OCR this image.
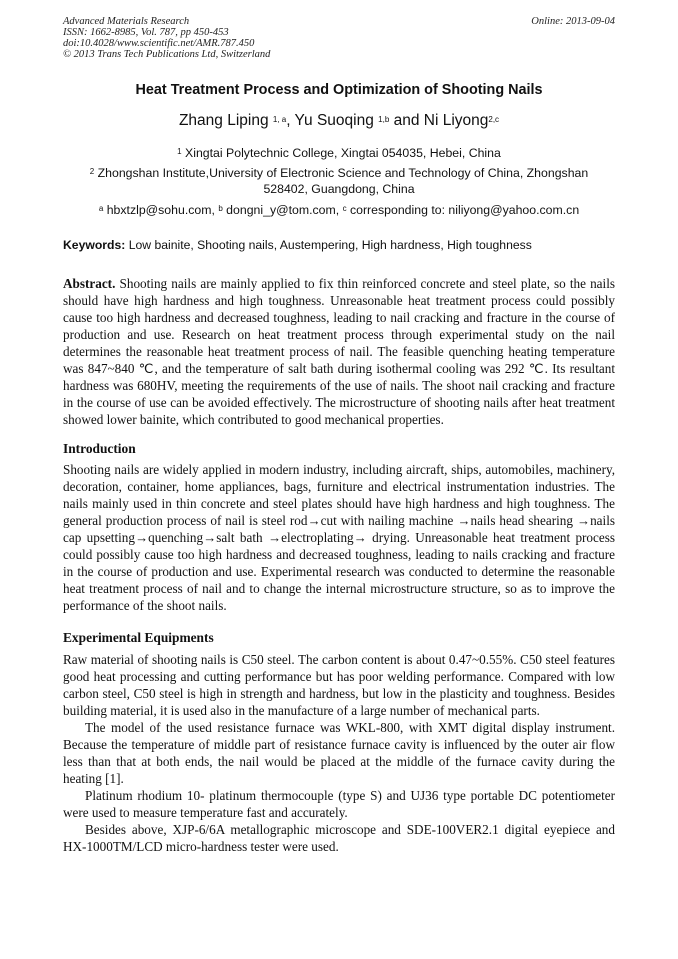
Advanced Materials Research
ISSN: 1662-8985, Vol. 787, pp 450-453
doi:10.4028/www.scientific.net/AMR.787.450
© 2013 Trans Tech Publications Ltd, Switzerland
Online: 2013-09-04
Heat Treatment Process and Optimization of Shooting Nails
Zhang Liping $^{1, a}$, Yu Suoqing $^{1,b}$ and Ni Liyong$^{2,c}$
$^1$ Xingtai Polytechnic College, Xingtai 054035, Hebei, China
$^2$ Zhongshan Institute,University of Electronic Science and Technology of China, Zhongshan
528402, Guangdong, China
$^a$ hbxtzlp@sohu.com, $^b$ dongni_y@tom.com, $^c$ corresponding to: niliyong@yahoo.com.cn
Keywords: Low bainite, Shooting nails, Austempering, High hardness, High toughness
Abstract. Shooting nails are mainly applied to fix thin reinforced concrete and steel plate, so the nails should have high hardness and high toughness. Unreasonable heat treatment process could possibly cause too high hardness and decreased toughness, leading to nail cracking and fracture in the course of production and use. Research on heat treatment process through experimental study on the nail determines the reasonable heat treatment process of nail. The feasible quenching heating temperature was 847~840 ℃, and the temperature of salt bath during isothermal cooling was 292 ℃. Its resultant hardness was 680HV, meeting the requirements of the use of nails. The shoot nail cracking and fracture in the course of use can be avoided effectively. The microstructure of shooting nails after heat treatment showed lower bainite, which contributed to good mechanical properties.
Introduction
Shooting nails are widely applied in modern industry, including aircraft, ships, automobiles, machinery, decoration, container, home appliances, bags, furniture and electrical instrumentation industries. The nails mainly used in thin concrete and steel plates should have high hardness and high toughness. The general production process of nail is steel rod→cut with nailing machine →nails head shearing →nails cap upsetting→quenching→salt bath →electroplating→ drying. Unreasonable heat treatment process could possibly cause too high hardness and decreased toughness, leading to nails cracking and fracture in the course of production and use. Experimental research was conducted to determine the reasonable heat treatment process of nail and to change the internal microstructure structure, so as to improve the performance of the shoot nails.
Experimental Equipments

Raw material of shooting nails is C50 steel. The carbon content is about 0.47~0.55%. C50 steel features good heat processing and cutting performance but has poor welding performance. Compared with low carbon steel, C50 steel is high in strength and hardness, but low in the plasticity and toughness. Besides building material, it is used also in the manufacture of a large number of mechanical parts.

The model of the used resistance furnace was WKL-800, with XMT digital display instrument. Because the temperature of middle part of resistance furnace cavity is influenced by the outer air flow less than that at both ends, the nail would be placed at the middle of the furnace cavity during the heating [1].

Platinum rhodium 10- platinum thermocouple (type S) and UJ36 type portable DC potentiometer were used to measure temperature fast and accurately.

Besides above, XJP-6/6A metallographic microscope and SDE-100VER2.1 digital eyepiece and HX-1000TM/LCD micro-hardness tester were used.
